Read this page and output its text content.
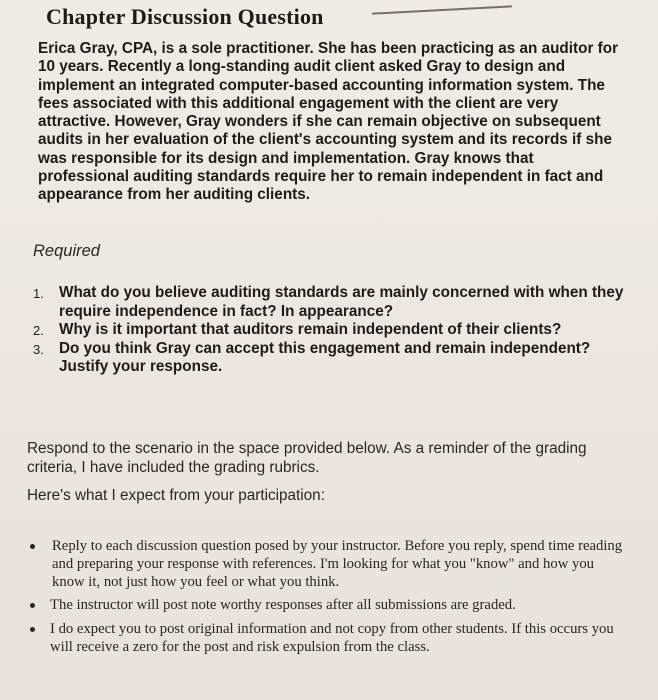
Chapter Discussion Question

Erica Gray, CPA, is a sole practitioner. She has been practicing as an auditor for 10 years. Recently a long-standing audit client asked Gray to design and implement an integrated computer-based accounting information system. The fees associated with this additional engagement with the client are very attractive. However, Gray wonders if she can remain objective on subsequent audits in her evaluation of the client's accounting system and its records if she was responsible for its design and implementation. Gray knows that professional auditing standards require her to remain independent in fact and appearance from her auditing clients.

Required

1. What do you believe auditing standards are mainly concerned with when they require independence in fact? In appearance?
2. Why is it important that auditors remain independent of their clients?
3. Do you think Gray can accept this engagement and remain independent? Justify your response.

Respond to the scenario in the space provided below. As a reminder of the grading criteria, I have included the grading rubrics.

Here's what I expect from your participation:

Reply to each discussion question posed by your instructor. Before you reply, spend time reading and preparing your response with references. I'm looking for what you "know" and how you know it, not just how you feel or what you think.
The instructor will post note worthy responses after all submissions are graded.
I do expect you to post original information and not copy from other students. If this occurs you will receive a zero for the post and risk expulsion from the class.
